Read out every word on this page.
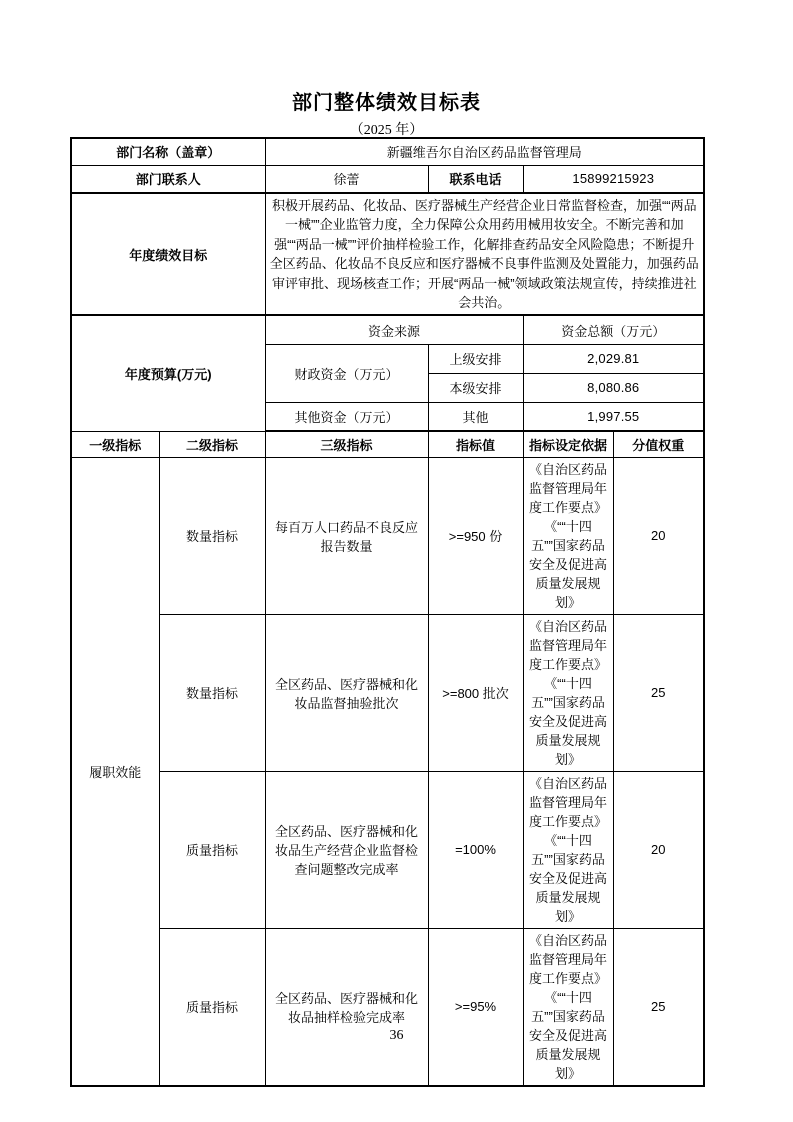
部门整体绩效目标表
（2025 年）
部门名称（盖章）		新疆维吾尔自治区药品监督管理局			
部门联系人		徐蕾	联系电话	15899215923	
年度绩效目标		积极开展药品、化妆品、医疗器械生产经营企业日常监督检查，加强““两品一械””企业监管力度，全力保障公众用药用械用妆安全。不断完善和加强““两品一械””评价抽样检验工作，化解排查药品安全风险隐患；不断提升全区药品、化妆品不良反应和医疗器械不良事件监测及处置能力，加强药品审评审批、现场核查工作；开展“两品一械”领域政策法规宣传，持续推进社会共治。			
年度预算(万元)		资金来源		资金总额（万元）	
		财政资金（万元）	上级安排	2,029.81	
			本级安排	8,080.86	
		其他资金（万元）	其他	1,997.55	
一级指标	二级指标	三级指标	指标值	指标设定依据	分值权重
履职效能	数量指标	每百万人口药品不良反应报告数量	>=950 份	《自治区药品监督管理局年度工作要点》《““十四五””国家药品安全及促进高质量发展规划》	20
	数量指标	全区药品、医疗器械和化妆品监督抽验批次	>=800 批次	《自治区药品监督管理局年度工作要点》《““十四五””国家药品安全及促进高质量发展规划》	25
	质量指标	全区药品、医疗器械和化妆品生产经营企业监督检查问题整改完成率	=100%	《自治区药品监督管理局年度工作要点》《““十四五””国家药品安全及促进高质量发展规划》	20
	质量指标	全区药品、医疗器械和化妆品抽样检验完成率	>=95%	《自治区药品监督管理局年度工作要点》《““十四五””国家药品安全及促进高质量发展规划》	25
36
